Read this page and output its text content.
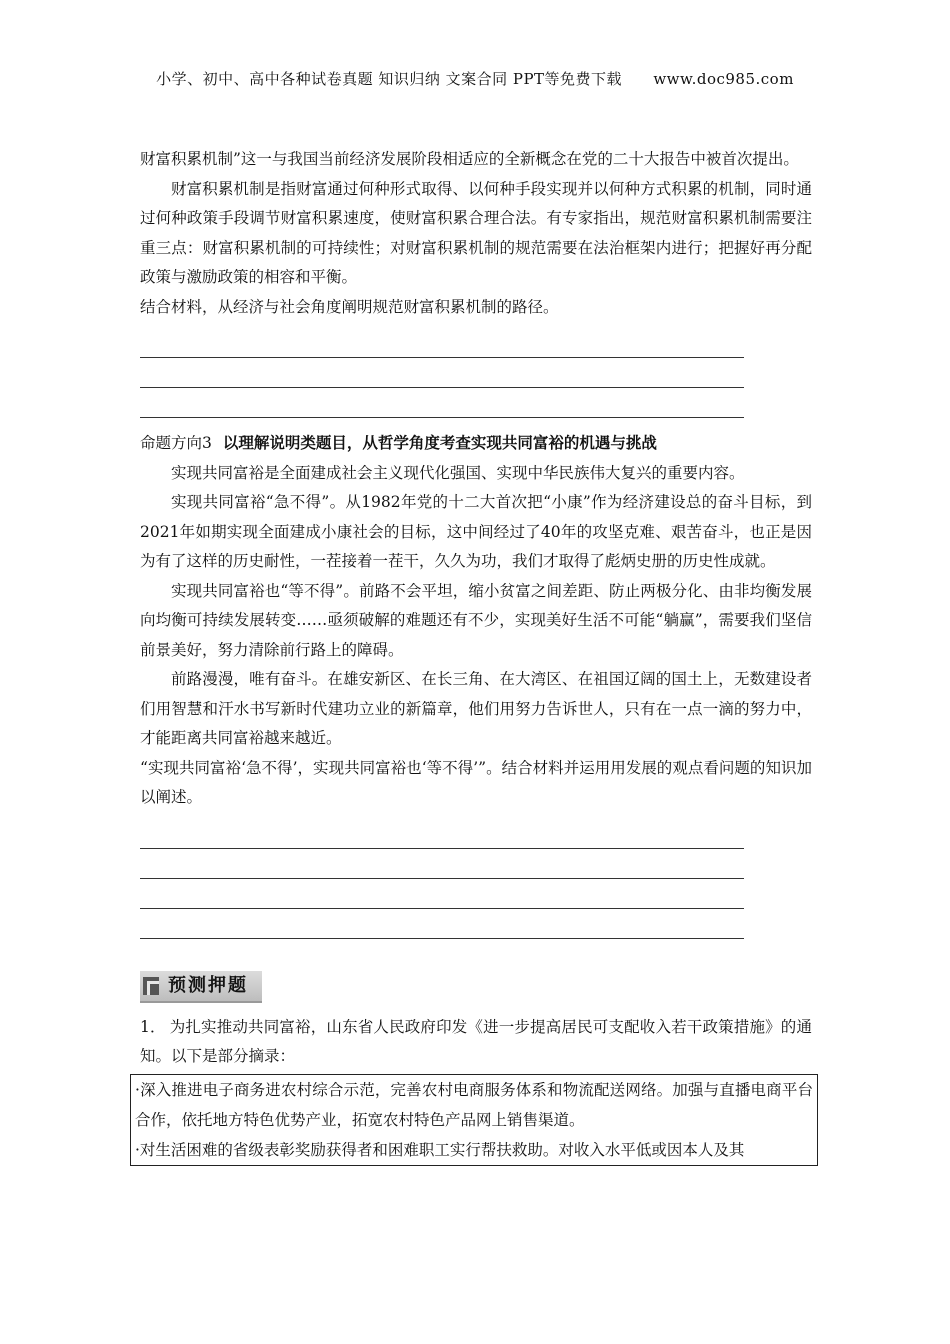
小学、初中、高中各种试卷真题 知识归纳 文案合同 PPT等免费下载 www.doc985.com

财富积累机制”这一与我国当前经济发展阶段相适应的全新概念在党的二十大报告中被首次提出。

财富积累机制是指财富通过何种形式取得、以何种手段实现并以何种方式积累的机制，同时通过何种政策手段调节财富积累速度，使财富积累合理合法。有专家指出，规范财富积累机制需要注重三点：财富积累机制的可持续性；对财富积累机制的规范需要在法治框架内进行；把握好再分配政策与激励政策的相容和平衡。

结合材料，从经济与社会角度阐明规范财富积累机制的路径。

命题方向3 以理解说明类题目，从哲学角度考查实现共同富裕的机遇与挑战

实现共同富裕是全面建成社会主义现代化强国、实现中华民族伟大复兴的重要内容。

实现共同富裕“急不得”。从1982年党的十二大首次把“小康”作为经济建设总的奋斗目标，到2021年如期实现全面建成小康社会的目标，这中间经过了40年的攻坚克难、艰苦奋斗，也正是因为有了这样的历史耐性，一茬接着一茬干，久久为功，我们才取得了彪炳史册的历史性成就。

实现共同富裕也“等不得”。前路不会平坦，缩小贫富之间差距、防止两极分化、由非均衡发展向均衡可持续发展转变……亟须破解的难题还有不少，实现美好生活不可能“躺赢”，需要我们坚信前景美好，努力清除前行路上的障碍。

前路漫漫，唯有奋斗。在雄安新区、在长三角、在大湾区、在祖国辽阔的国土上，无数建设者们用智慧和汗水书写新时代建功立业的新篇章，他们用努力告诉世人，只有在一点一滴的努力中，才能距离共同富裕越来越近。

“实现共同富裕‘急不得’，实现共同富裕也‘等不得’”。结合材料并运用用发展的观点看问题的知识加以阐述。

预测押题

1． 为扎实推动共同富裕，山东省人民政府印发《进一步提高居民可支配收入若干政策措施》的通知。以下是部分摘录：

·深入推进电子商务进农村综合示范，完善农村电商服务体系和物流配送网络。加强与直播电商平台合作，依托地方特色优势产业，拓宽农村特色产品网上销售渠道。

·对生活困难的省级表彰奖励获得者和困难职工实行帮扶救助。对收入水平低或因本人及其
